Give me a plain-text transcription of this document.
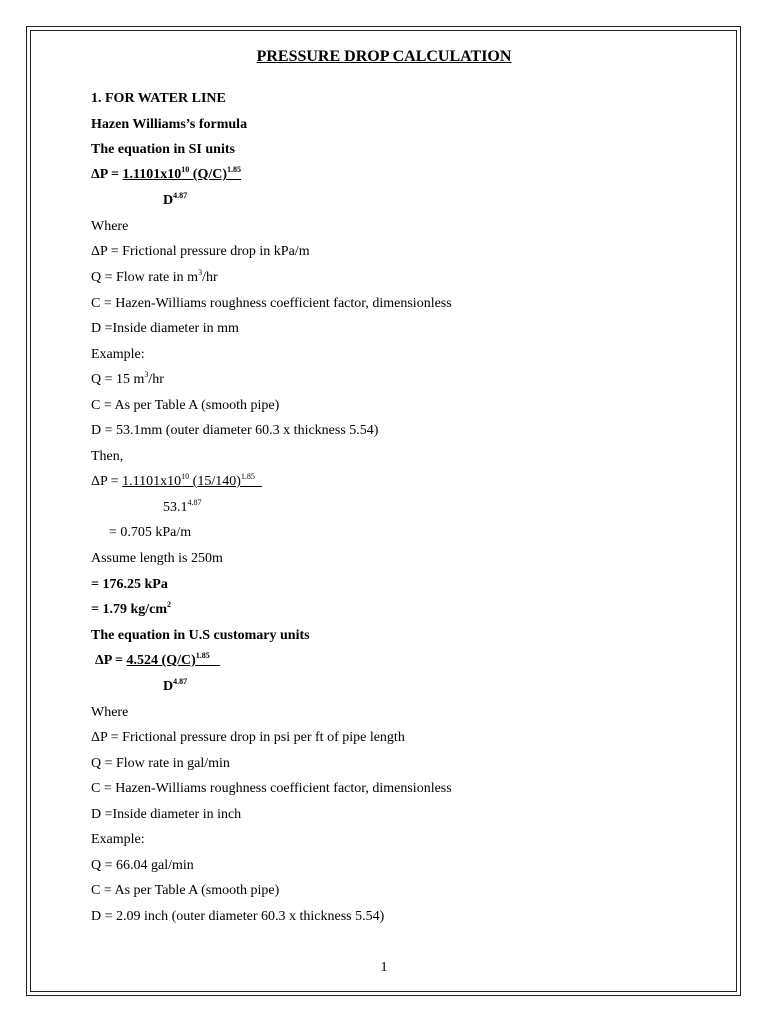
PRESSURE DROP CALCULATION
1. FOR WATER LINE
Hazen Williams’s formula
The equation in SI units
$\Delta P = 1.1101x10^{10}$ $(Q/C)^{1.85}$
$D^{4.87}$
Where
ΔP = Frictional pressure drop in kPa/m
Q = Flow rate in $m^3/hr$
C = Hazen-Williams roughness coefficient factor, dimensionless
D =Inside diameter in mm
Example:
Q = 15 $m^3/hr$
C = As per Table A (smooth pipe)
D = 53.1mm (outer diameter 60.3 x thickness 5.54)
Then,
$\Delta P = 1.1101x10^{10}$ $(15/140)^{1.85}$
$53.1^{4.87}$
= 0.705 kPa/m
Assume length is 250m
= 176.25 kPa
= 1.79 $kg/cm^2$
The equation in U.S customary units
ΔP = 4.524 $(Q/C)^{1.85}$
$D^{4.87}$
Where
ΔP = Frictional pressure drop in psi per ft of pipe length
Q = Flow rate in gal/min
C = Hazen-Williams roughness coefficient factor, dimensionless
D =Inside diameter in inch
Example:
Q = 66.04 gal/min
C = As per Table A (smooth pipe)
D = 2.09 inch (outer diameter 60.3 x thickness 5.54)
1
